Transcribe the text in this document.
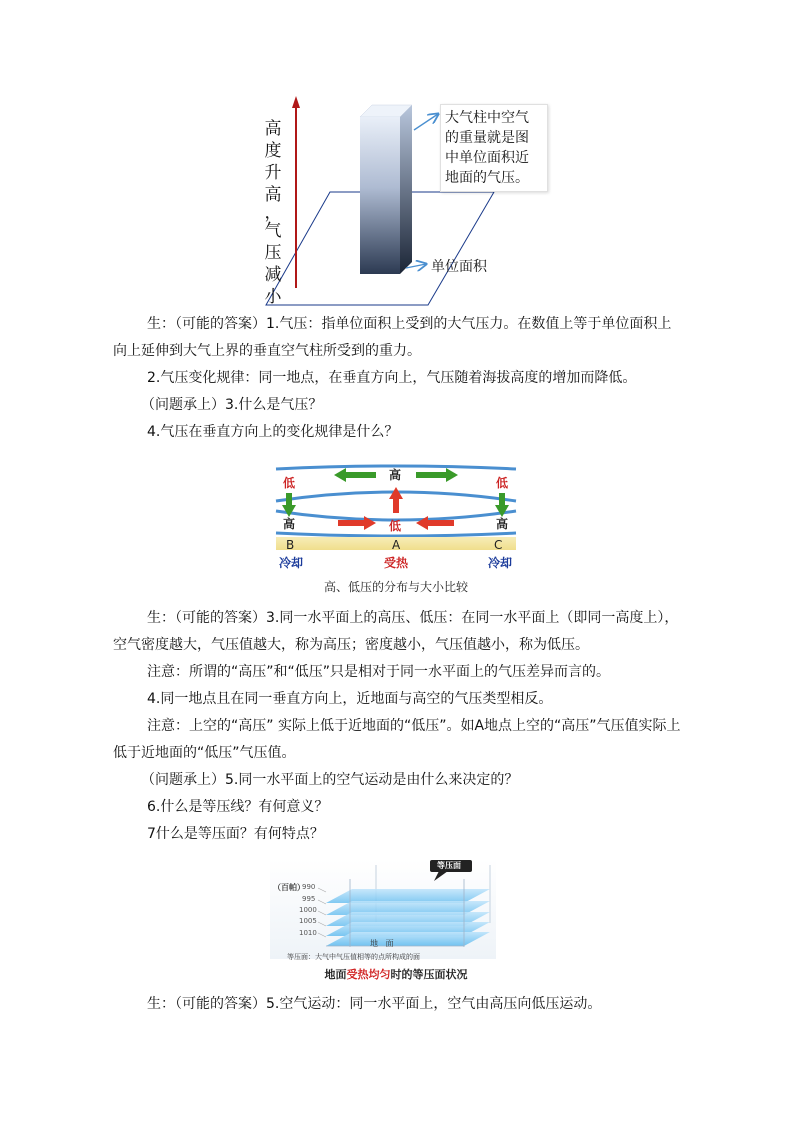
高
度
升
高
，
气
压
减
小
大气柱中空气
的重量就是图
中单位面积近
地面的气压。
单位面积
生：（可能的答案）1.气压：指单位面积上受到的大气压力。在数值上等于单位面积上向上延伸到大气上界的垂直空气柱所受到的重力。
2.气压变化规律：同一地点，在垂直方向上，气压随着海拔高度的增加而降低。
（问题承上）3.什么是气压？
4.气压在垂直方向上的变化规律是什么？
高
低	低
高	低	高
B	A	C
冷却	受热	冷却
高、低压的分布与大小比较
生：（可能的答案）3.同一水平面上的高压、低压：在同一水平面上（即同一高度上），空气密度越大，气压值越大，称为高压；密度越小，气压值越小，称为低压。
注意：所谓的“高压”和“低压”只是相对于同一水平面上的气压差异而言的。
4.同一地点且在同一垂直方向上，近地面与高空的气压类型相反。
注意：上空的“高压” 实际上低于近地面的“低压”。如A地点上空的“高压”气压值实际上低于近地面的“低压”气压值。
（问题承上）5.同一水平面上的空气运动是由什么来决定的？
6.什么是等压线？有何意义？
7什么是等压面？有何特点？
（百帕）
990
995
1000
1005
1010
等压面
地   面
等压面：大气中气压值相等的点所构成的面
地面受热均匀时的等压面状况
生：（可能的答案）5.空气运动：同一水平面上，空气由高压向低压运动。
